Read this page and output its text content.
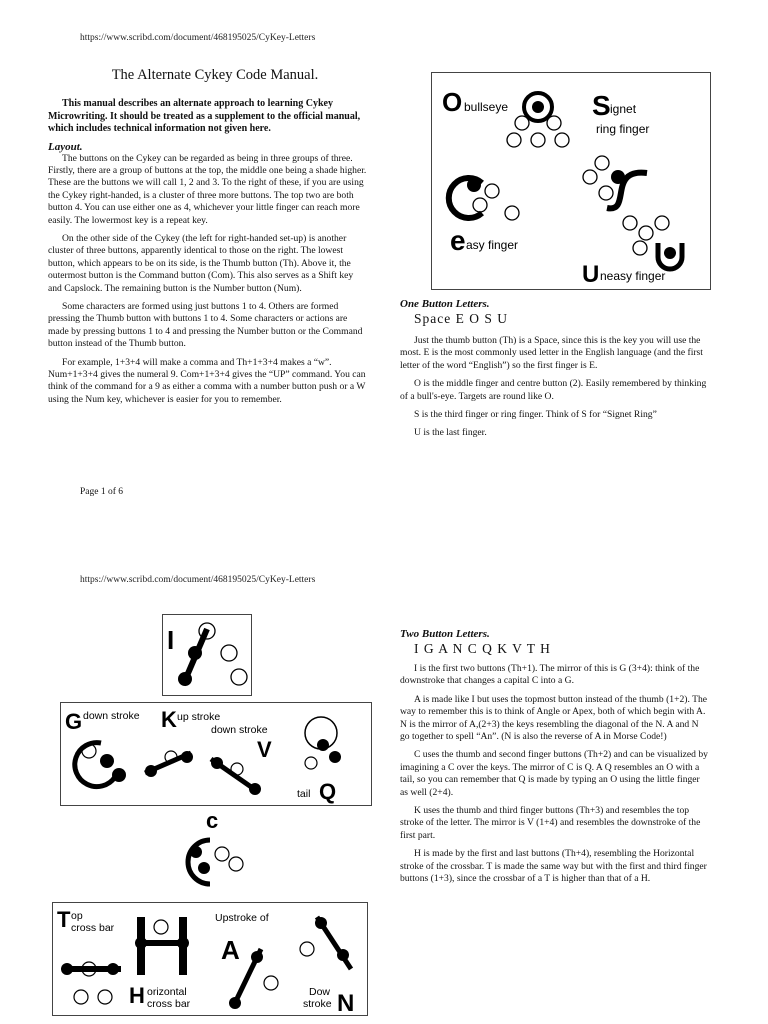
https://www.scribd.com/document/468195025/CyKey-Letters
The Alternate Cykey Code Manual.
This manual describes an alternate approach to learning Cykey Microwriting. It should be treated as a supplement to the official manual, which includes technical information not given here.
Layout.

The buttons on the Cykey can be regarded as being in three groups of three. Firstly, there are a group of buttons at the top, the middle one being a shade higher. These are the buttons we will call 1, 2 and 3. To the right of these, if you are using the Cykey right-handed, is a cluster of three more buttons. The top two are both button 4. You can use either one as 4, whichever your little finger can reach more easily. The lowermost key is a repeat key.

On the other side of the Cykey (the left for right-handed set-up) is another cluster of three buttons, apparently identical to those on the right. The lowest button, which appears to be on its side, is the Thumb button (Th). Above it, the outermost button is the Command button (Com). This also serves as a Shift key and Capslock. The remaining button is the Number button (Num).

Some characters are formed using just buttons 1 to 4. Others are formed pressing the Thumb button with buttons 1 to 4. Some characters or actions are made by pressing buttons 1 to 4 and pressing the Number button or the Command button instead of the Thumb button.

For example, 1+3+4 will make a comma and Th+1+3+4 makes a “w”. Num+1+3+4 gives the numeral 9. Com+1+3+4 gives the “UP” command. You can think of the command for a 9 as either a comma with a number button push or a W using the Num key, whichever is easier for you to remember.

Page 1 of 6
O bullseye	S ignet
ring finger
e asy finger
U neasy finger
One Button Letters.
Space E O S U

Just the thumb button (Th) is a Space, since this is the key you will use the most. E is the most commonly used letter in the English language (and the first letter of the word “English”) so the first finger is E.

O is the middle finger and centre button (2). Easily remembered by thinking of a bull's-eye. Targets are round like O.

S is the third finger or ring finger. Think of S for “Signet Ring”

U is the last finger.

https://www.scribd.com/document/468195025/CyKey-Letters
I
G down stroke K up stroke
down stroke
V
tail Q
c
T op
cross bar
H orizontal
cross bar
Upstroke of
A
Dow
stroke N
Two Button Letters.
I G A N C Q K V T H

I is the first two buttons (Th+1). The mirror of this is G (3+4): think of the downstroke that changes a capital C into a G.

A is made like I but uses the topmost button instead of the thumb (1+2). The way to remember this is to think of Angle or Apex, both of which begin with A. N is the mirror of A,(2+3) the keys resembling the diagonal of the N. A and N go together to spell “An”. (N is also the reverse of A in Morse Code!)

C uses the thumb and second finger buttons (Th+2) and can be visualized by imagining a C over the keys. The mirror of C is Q. A Q resembles an O with a tail, so you can remember that Q is made by typing an O using the little finger as well (2+4).

K uses the thumb and third finger buttons (Th+3) and resembles the top stroke of the letter. The mirror is V (1+4) and resembles the downstroke of the first part.

H is made by the first and last buttons (Th+4), resembling the Horizontal stroke of the crossbar. T is made the same way but with the first and third finger buttons (1+3), since the crossbar of a T is higher than that of a H.
